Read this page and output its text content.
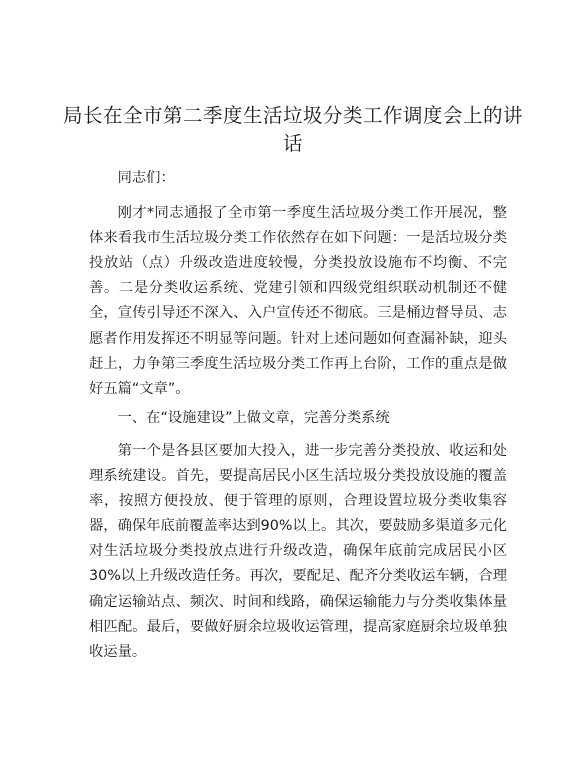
局长在全市第二季度生活垃圾分类工作调度会上的讲话

同志们：

刚才*同志通报了全市第一季度生活垃圾分类工作开展况，整体来看我市生活垃圾分类工作依然存在如下问题：一是活垃圾分类投放站（点）升级改造进度较慢，分类投放设施布不均衡、不完善。二是分类收运系统、党建引领和四级党组织联动机制还不健全，宣传引导还不深入、入户宣传还不彻底。三是桶边督导员、志愿者作用发挥还不明显等问题。针对上述问题如何查漏补缺，迎头赶上，力争第三季度生活垃圾分类工作再上台阶，工作的重点是做好五篇“文章”。

一、在“设施建设”上做文章，完善分类系统

第一个是各县区要加大投入，进一步完善分类投放、收运和处理系统建设。首先，要提高居民小区生活垃圾分类投放设施的覆盖率，按照方便投放、便于管理的原则，合理设置垃圾分类收集容器，确保年底前覆盖率达到90%以上。其次，要鼓励多渠道多元化对生活垃圾分类投放点进行升级改造，确保年底前完成居民小区30%以上升级改造任务。再次，要配足、配齐分类收运车辆，合理确定运输站点、频次、时间和线路，确保运输能力与分类收集体量相匹配。最后，要做好厨余垃圾收运管理，提高家庭厨余垃圾单独收运量。
